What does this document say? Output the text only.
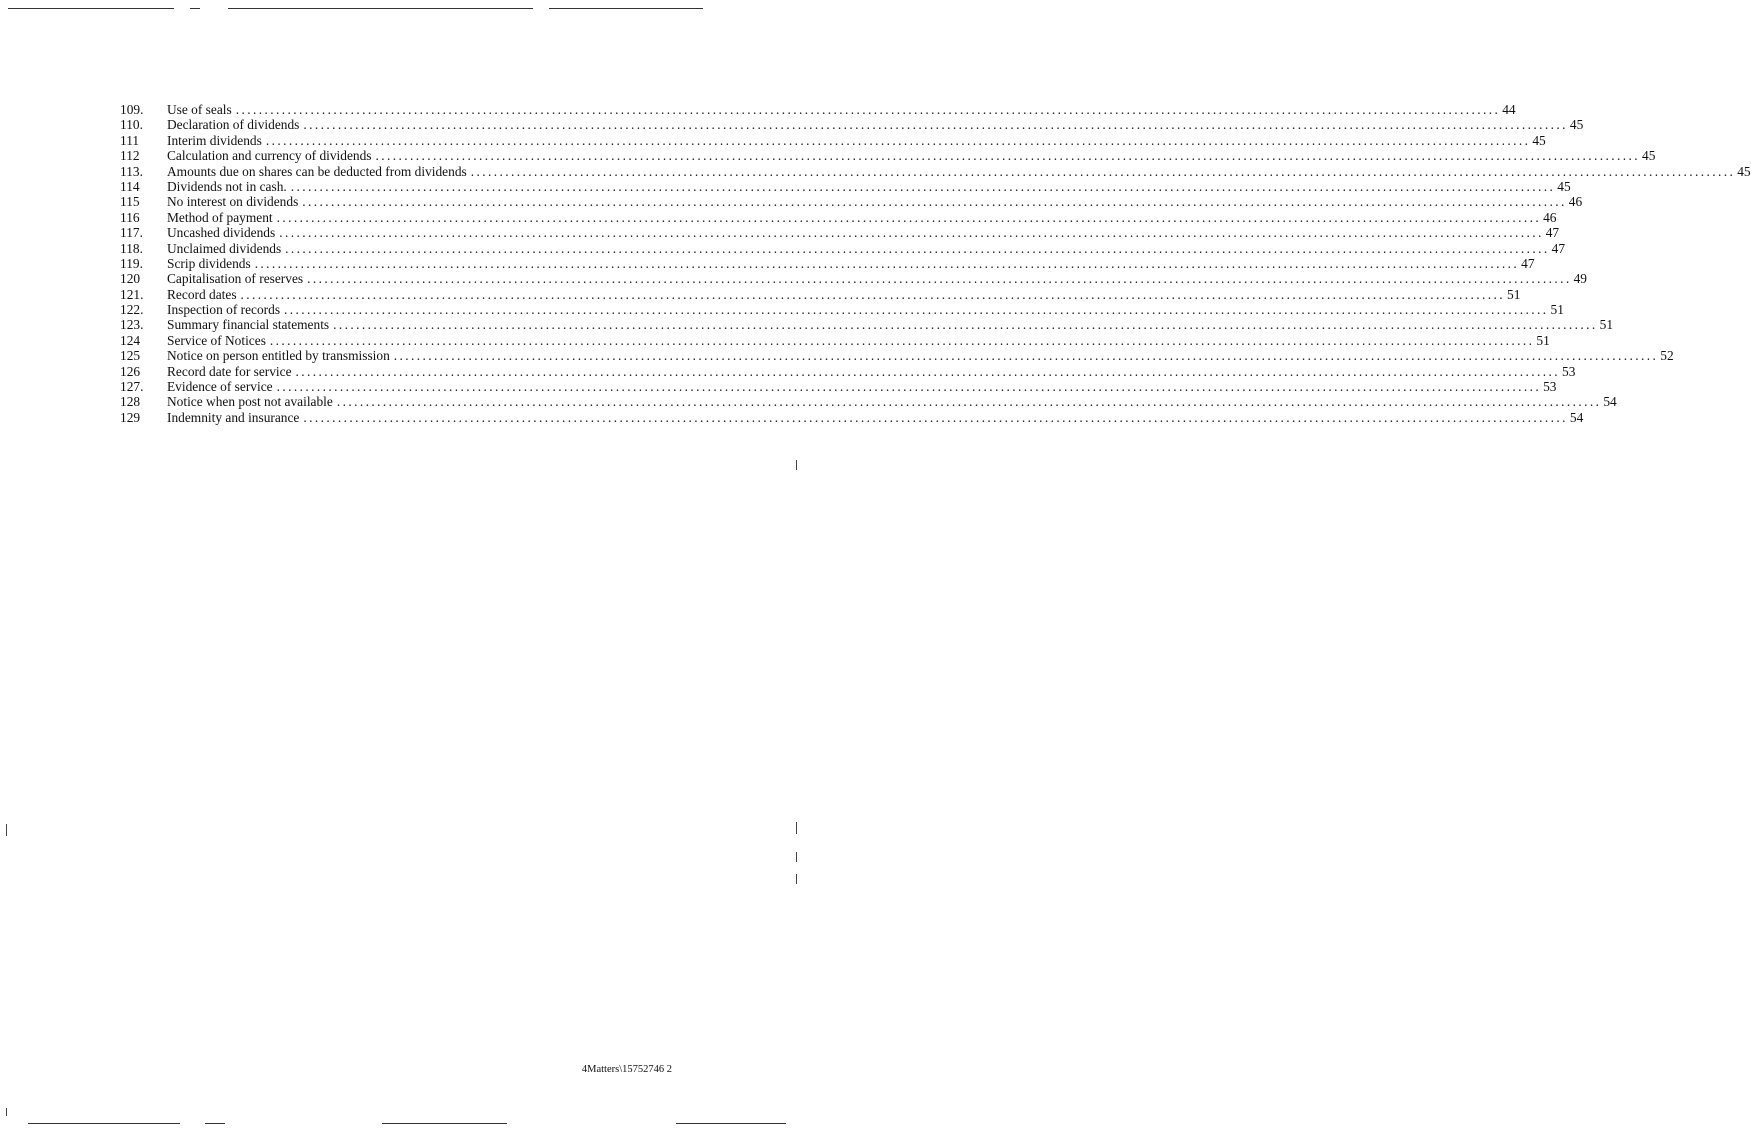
109.	Use of seals ............................................................................................................................................................................................................................ 44
110.	Declaration of dividends ............................................................................................................................................................................................................................ 45
111	Interim dividends ............................................................................................................................................................................................................................ 45
112	Calculation and currency of dividends ............................................................................................................................................................................................................................ 45
113.	Amounts due on shares can be deducted from dividends ............................................................................................................................................................................................................................ 45
114	Dividends not in cash. ............................................................................................................................................................................................................................ 45
115	No interest on dividends ............................................................................................................................................................................................................................ 46
116	Method of payment ............................................................................................................................................................................................................................ 46
117.	Uncashed dividends ............................................................................................................................................................................................................................ 47
118.	Unclaimed dividends ............................................................................................................................................................................................................................ 47
119.	Scrip dividends ............................................................................................................................................................................................................................ 47
120	Capitalisation of reserves ............................................................................................................................................................................................................................ 49
121.	Record dates ............................................................................................................................................................................................................................ 51
122.	Inspection of records ............................................................................................................................................................................................................................ 51
123.	Summary financial statements ............................................................................................................................................................................................................................ 51
124	Service of Notices ............................................................................................................................................................................................................................ 51
125	Notice on person entitled by transmission ............................................................................................................................................................................................................................ 52
126	Record date for service ............................................................................................................................................................................................................................ 53
127.	Evidence of service ............................................................................................................................................................................................................................ 53
128	Notice when post not available ............................................................................................................................................................................................................................ 54
129	Indemnity and insurance ............................................................................................................................................................................................................................ 54
4Matters\15752746 2
